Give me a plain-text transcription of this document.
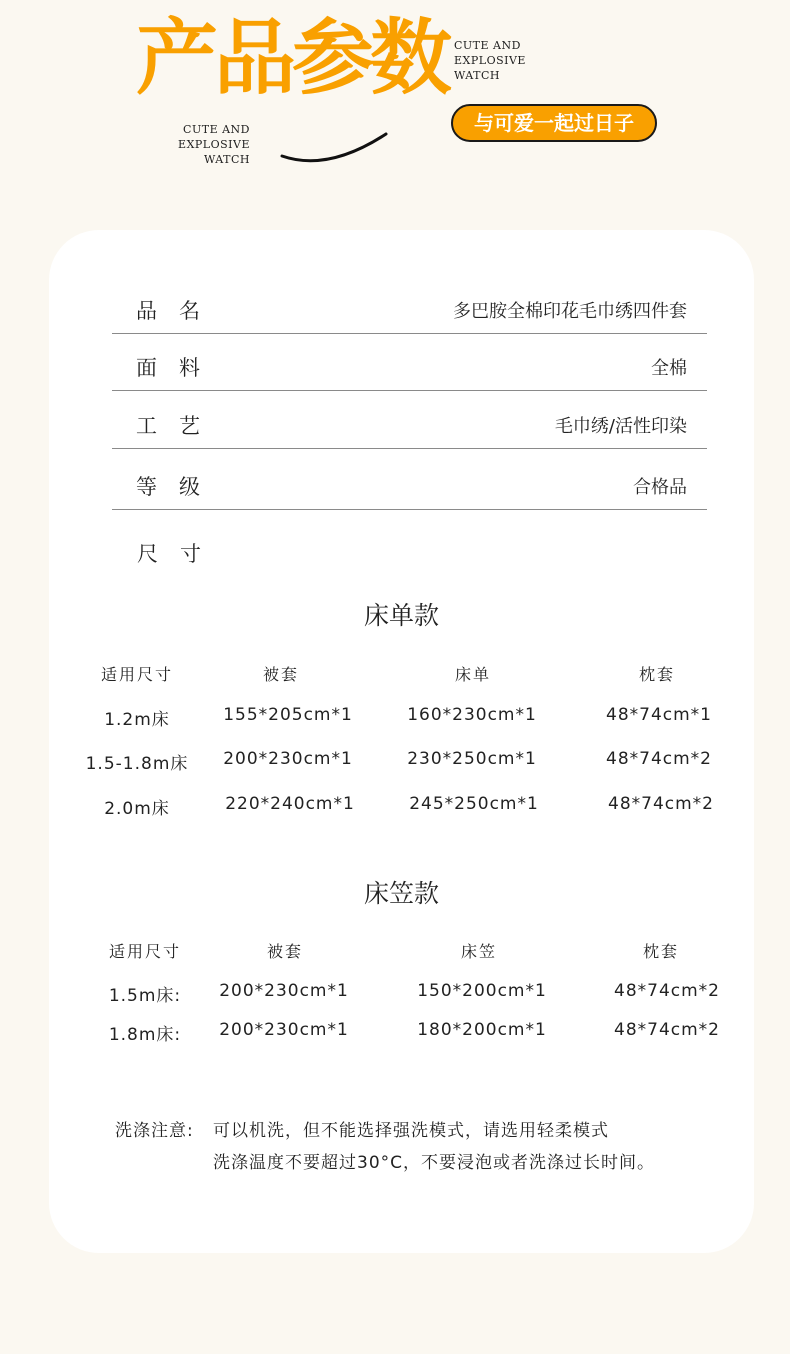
产品参数 CUTE AND
EXPLOSIVE
WATCH
CUTE AND
EXPLOSIVE
WATCH
与可爱一起过日子
品名	多巴胺全棉印花毛巾绣四件套
面料	全棉
工艺	毛巾绣/活性印染
等级	合格品
尺寸
床单款
适用尺寸	被套	床单	枕套
1.2m床	155*205cm*1	160*230cm*1	48*74cm*1
1.5-1.8m床	200*230cm*1	230*250cm*1	48*74cm*2
2.0m床	220*240cm*1	245*250cm*1	48*74cm*2
床笠款
适用尺寸	被套	床笠	枕套
1.5m床:	200*230cm*1	150*200cm*1	48*74cm*2
1.8m床:	200*230cm*1	180*200cm*1	48*74cm*2
洗涤注意: 可以机洗，但不能选择强洗模式，请选用轻柔模式
洗涤温度不要超过30°C，不要浸泡或者洗涤过长时间。
